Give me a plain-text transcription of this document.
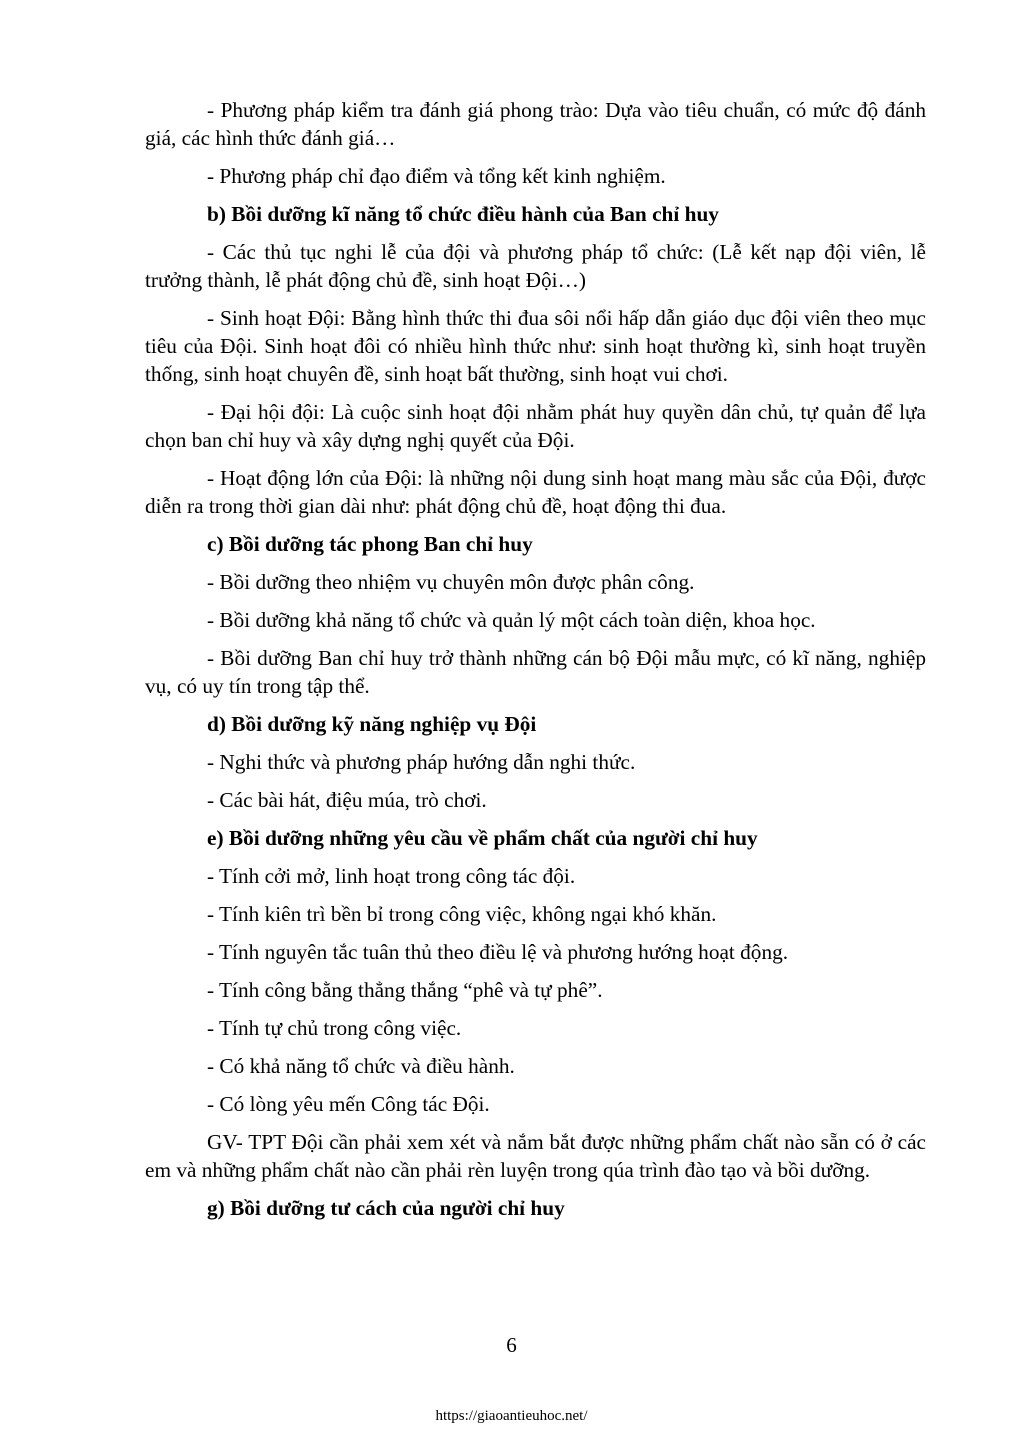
- Phương pháp kiểm tra đánh giá phong trào: Dựa vào tiêu chuẩn, có mức độ đánh giá, các hình thức đánh giá…

- Phương pháp chỉ đạo điểm và tổng kết kinh nghiệm.

b) Bồi dưỡng kĩ năng tổ chức điều hành của Ban chỉ huy

- Các thủ tục nghi lễ của đội và phương pháp tổ chức: (Lễ kết nạp đội viên, lễ trưởng thành, lễ phát động chủ đề, sinh hoạt Đội…)

- Sinh hoạt Đội: Bằng hình thức thi đua sôi nổi hấp dẫn giáo dục đội viên theo mục tiêu của Đội. Sinh hoạt đôi có nhiều hình thức như: sinh hoạt thường kì, sinh hoạt truyền thống, sinh hoạt chuyên đề, sinh hoạt bất thường, sinh hoạt vui chơi.

- Đại hội đội: Là cuộc sinh hoạt đội nhằm phát huy quyền dân chủ, tự quản để lựa chọn ban chỉ huy và xây dựng nghị quyết của Đội.

- Hoạt động lớn của Đội: là những nội dung sinh hoạt mang màu sắc của Đội, được diễn ra trong thời gian dài như: phát động chủ đề, hoạt động thi đua.

c) Bồi dưỡng tác phong Ban chỉ huy

- Bồi dưỡng theo nhiệm vụ chuyên môn được phân công.

- Bồi dưỡng khả năng tổ chức và quản lý một cách toàn diện, khoa học.

- Bồi dưỡng Ban chỉ huy trở thành những cán bộ Đội mẫu mực, có kĩ năng, nghiệp vụ, có uy tín trong tập thể.

d) Bồi dưỡng kỹ năng nghiệp vụ Đội

- Nghi thức và phương pháp hướng dẫn nghi thức.

- Các bài hát, điệu múa, trò chơi.

e) Bồi dưỡng những yêu cầu về phẩm chất của người chỉ huy

- Tính cởi mở, linh hoạt trong công tác đội.

- Tính kiên trì bền bỉ trong công việc, không ngại khó khăn.

- Tính nguyên tắc tuân thủ theo điều lệ và phương hướng hoạt động.

- Tính công bằng thẳng thắng “phê và tự phê”.

- Tính tự chủ trong công việc.

- Có khả năng tổ chức và điều hành.

- Có lòng yêu mến Công tác Đội.

GV- TPT Đội cần phải xem xét và nắm bắt được những phẩm chất nào sẵn có ở các em và những phẩm chất nào cần phải rèn luyện trong qúa trình đào tạo và bồi dưỡng.

g) Bồi dưỡng tư cách của người chỉ huy

6
https://giaoantieuhoc.net/
